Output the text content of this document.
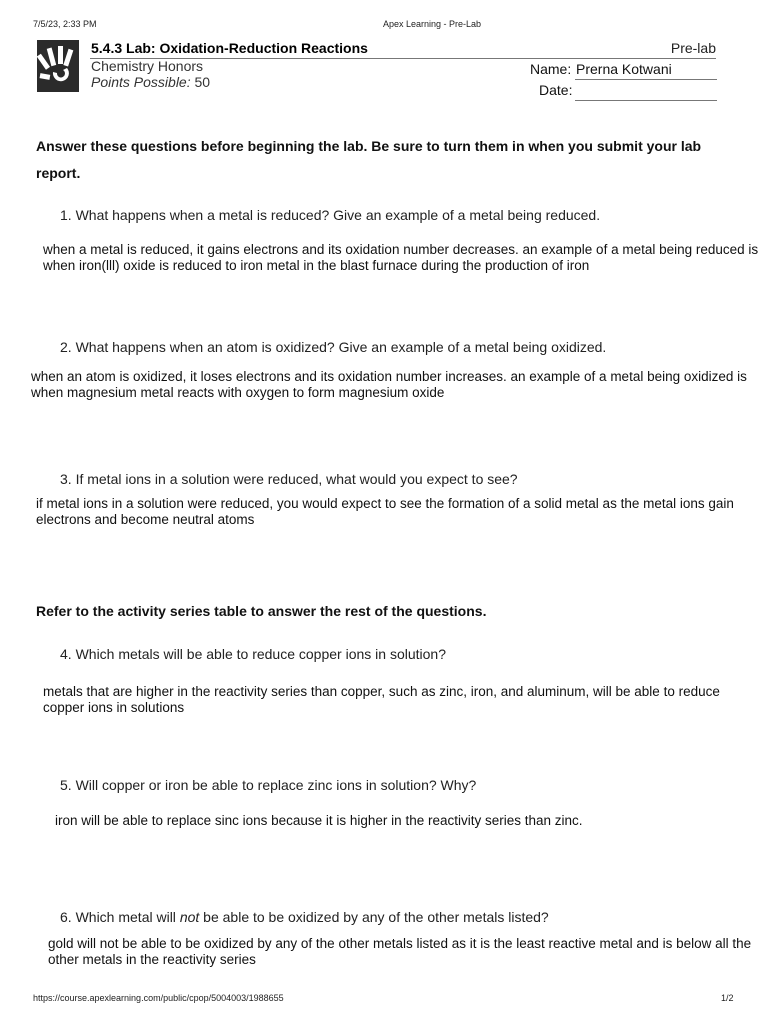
7/5/23, 2:33 PM	Apex Learning - Pre-Lab
5.4.3 Lab: Oxidation-Reduction Reactions	Pre-lab
Chemistry Honors
Points Possible: 50
Name: Prerna Kotwani
Date:
Answer these questions before beginning the lab. Be sure to turn them in when you submit your lab
report.
1. What happens when a metal is reduced? Give an example of a metal being reduced.
when a metal is reduced, it gains electrons and its oxidation number decreases. an example of a metal being reduced is when iron(lll) oxide is reduced to iron metal in the blast furnace during the production of iron
2. What happens when an atom is oxidized? Give an example of a metal being oxidized.
when an atom is oxidized, it loses electrons and its oxidation number increases. an example of a metal being oxidized is when magnesium metal reacts with oxygen to form magnesium oxide
3. If metal ions in a solution were reduced, what would you expect to see?
if metal ions in a solution were reduced, you would expect to see the formation of a solid metal as the metal ions gain electrons and become neutral atoms
Refer to the activity series table to answer the rest of the questions.
4. Which metals will be able to reduce copper ions in solution?
metals that are higher in the reactivity series than copper, such as zinc, iron, and aluminum, will be able to reduce copper ions in solutions
5. Will copper or iron be able to replace zinc ions in solution? Why?
iron will be able to replace sinc ions because it is higher in the reactivity series than zinc.
6. Which metal will not be able to be oxidized by any of the other metals listed?
gold will not be able to be oxidized by any of the other metals listed as it is the least reactive metal and is below all the other metals in the reactivity series
https://course.apexlearning.com/public/cpop/5004003/1988655	1/2
